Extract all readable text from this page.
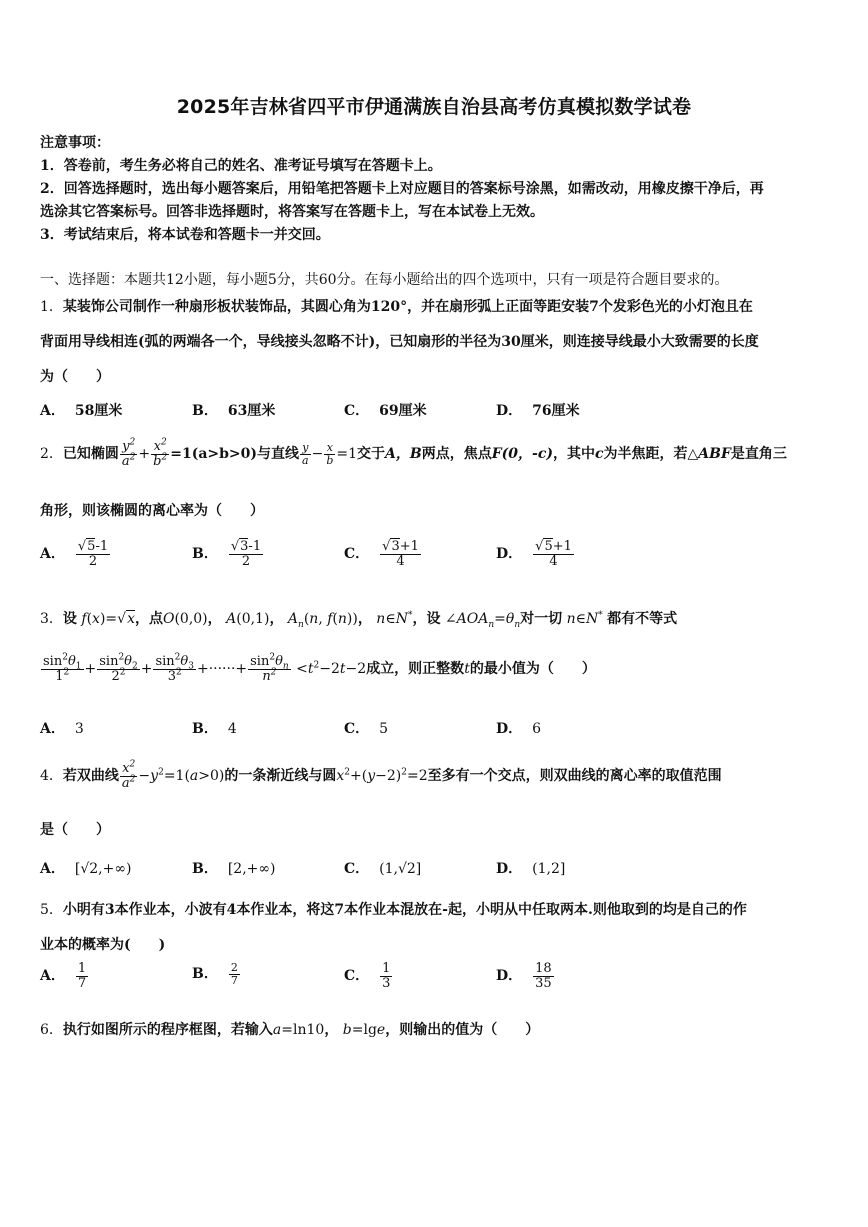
2025年吉林省四平市伊通满族自治县高考仿真模拟数学试卷
注意事项：
1．答卷前，考生务必将自己的姓名、准考证号填写在答题卡上。
2．回答选择题时，选出每小题答案后，用铅笔把答题卡上对应题目的答案标号涂黑，如需改动，用橡皮擦干净后，再
选涂其它答案标号。回答非选择题时，将答案写在答题卡上，写在本试卷上无效。
3．考试结束后，将本试卷和答题卡一并交回。
一、选择题：本题共12小题，每小题5分，共60分。在每小题给出的四个选项中，只有一项是符合题目要求的。
1．某装饰公司制作一种扇形板状装饰品，其圆心角为120°，并在扇形弧上正面等距安装7个发彩色光的小灯泡且在
背面用导线相连(弧的两端各一个，导线接头忽略不计)，已知扇形的半径为30厘米，则连接导线最小大致需要的长度
为（　　）
A． 58厘米	B． 63厘米	C． 69厘米	D． 76厘米
2．已知椭圆 $\frac{y^2}{a^2} + \frac{x^2}{b^2} =1(a>b>0)$与直线 $\frac{y}{a} - \frac{x}{b} =1$交于A，B两点，焦点F(0，-c)，其中c为半焦距，若△ABF是直角三
角形，则该椭圆的离心率为（　　）
A． $\frac{√5-1}{2}$	B． $\frac{√3-1}{2}$	C． $\frac{√3+1}{4}$	D． $\frac{√5+1}{4}$
3．设 f(x)=√x，点O(0,0)， A(0,1)， $A_n(n$, f(n))， n∈N*，设 $\angle AOA_n=\theta_n$对一切 n∈N* 都有不等式
$\frac{\sin^2\theta_1}{1^2} + \frac{\sin^2\theta_2}{2^2} + \frac{\sin^2\theta_3}{3^2}$ +······+ $\frac{\sin^2\theta_n}{n^2} <t^2-2t-2$成立，则正整数t的最小值为（　　）
A． 3	B． 4	C． 5	D． 6
4．若双曲线 $\frac{x^2}{a^2} -y^2=1(a>0)$的一条渐近线与圆$x^2+(y-2)^2=2$至多有一个交点，则双曲线的离心率的取值范围
是（　　）
A． [√2,+∞)	B． [2,+∞)	C． (1,√2]	D． (1,2]
5．小明有3本作业本，小波有4本作业本，将这7本作业本混放在-起，小明从中任取两本.则他取到的均是自己的作
业本的概率为(　　)
A． $\frac{1}{7}$	B． $\frac{2}{7}$	C． $\frac{1}{3}$	D． $\frac{18}{35}$
6．执行如图所示的程序框图，若输入a=ln10， b=lge，则输出的值为（　　）
